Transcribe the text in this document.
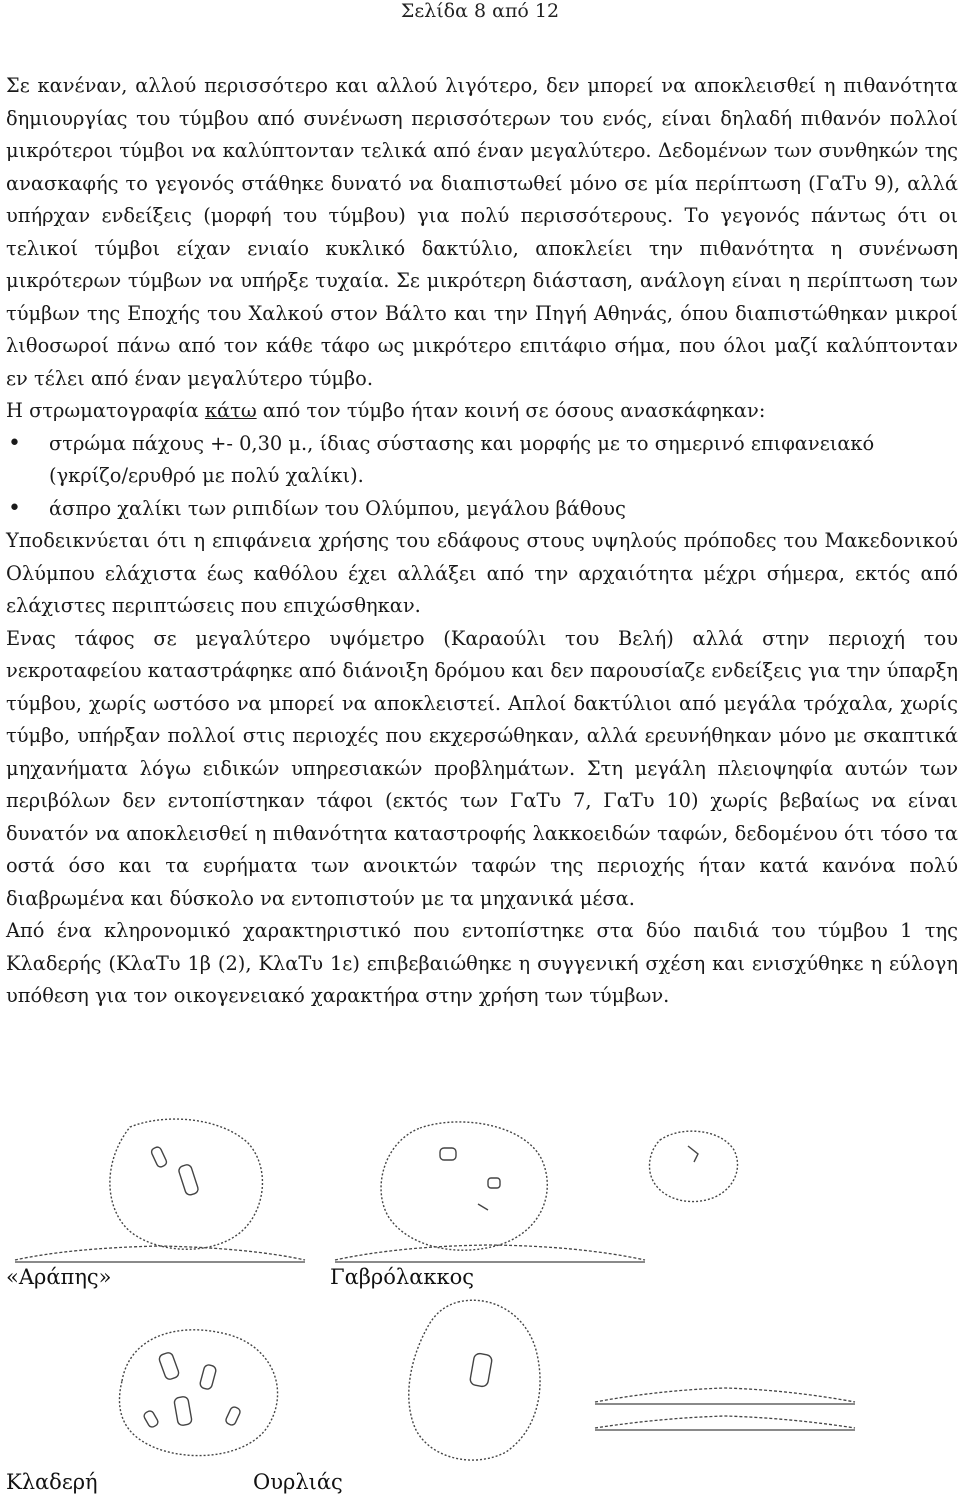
Σελίδα 8 από 12

Σε κανέναν, αλλού περισσότερο και αλλού λιγότερο, δεν μπορεί να αποκλεισθεί η πιθανότητα δημιουργίας του τύμβου από συνένωση περισσότερων του ενός, είναι δηλαδή πιθανόν πολλοί μικρότεροι τύμβοι να καλύπτονταν τελικά από έναν μεγαλύτερο. Δεδομένων των συνθηκών της ανασκαφής το γεγονός στάθηκε δυνατό να διαπιστωθεί μόνο σε μία περίπτωση (ΓαΤυ 9), αλλά υπήρχαν ενδείξεις (μορφή του τύμβου) για πολύ περισσότερους. Το γεγονός πάντως ότι οι τελικοί τύμβοι είχαν ενιαίο κυκλικό δακτύλιο, αποκλείει την πιθανότητα η συνένωση μικρότερων τύμβων να υπήρξε τυχαία. Σε μικρότερη διάσταση, ανάλογη είναι η περίπτωση των τύμβων της Εποχής του Χαλκού στον Βάλτο και την Πηγή Αθηνάς, όπου διαπιστώθηκαν μικροί λιθοσωροί πάνω από τον κάθε τάφο ως μικρότερο επιτάφιο σήμα, που όλοι μαζί καλύπτονταν εν τέλει από έναν μεγαλύτερο τύμβο.

Η στρωματογραφία κάτω από τον τύμβο ήταν κοινή σε όσους ανασκάφηκαν:

• στρώμα πάχους +- 0,30 μ., ίδιας σύστασης και μορφής με το σημερινό επιφανειακό (γκρίζο/ερυθρό με πολύ χαλίκι).
• άσπρο χαλίκι των ριπιδίων του Ολύμπου, μεγάλου βάθους

Υποδεικνύεται ότι η επιφάνεια χρήσης του εδάφους στους υψηλούς πρόποδες του Μακεδονικού Ολύμπου ελάχιστα έως καθόλου έχει αλλάξει από την αρχαιότητα μέχρι σήμερα, εκτός από ελάχιστες περιπτώσεις που επιχώσθηκαν.

Ενας τάφος σε μεγαλύτερο υψόμετρο (Καραούλι του Βελή) αλλά στην περιοχή του νεκροταφείου καταστράφηκε από διάνοιξη δρόμου και δεν παρουσίαζε ενδείξεις για την ύπαρξη τύμβου, χωρίς ωστόσο να μπορεί να αποκλειστεί. Απλοί δακτύλιοι από μεγάλα τρόχαλα, χωρίς τύμβο, υπήρξαν πολλοί στις περιοχές που εκχερσώθηκαν, αλλά ερευνήθηκαν μόνο με σκαπτικά μηχανήματα λόγω ειδικών υπηρεσιακών προβλημάτων. Στη μεγάλη πλειοψηφία αυτών των περιβόλων δεν εντοπίστηκαν τάφοι (εκτός των ΓαΤυ 7, ΓαΤυ 10) χωρίς βεβαίως να είναι δυνατόν να αποκλεισθεί η πιθανότητα καταστροφής λακκοειδών ταφών, δεδομένου ότι τόσο τα οστά όσο και τα ευρήματα των ανοικτών ταφών της περιοχής ήταν κατά κανόνα πολύ διαβρωμένα και δύσκολο να εντοπιστούν με τα μηχανικά μέσα.

Από ένα κληρονομικό χαρακτηριστικό που εντοπίστηκε στα δύο παιδιά του τύμβου 1 της Κλαδερής (ΚλαΤυ 1β (2), ΚλαΤυ 1ε) επιβεβαιώθηκε η συγγενική σχέση και ενισχύθηκε η εύλογη υπόθεση για τον οικογενειακό χαρακτήρα στην χρήση των τύμβων.

«Αράπης»	Γαβρόλακκος
Κλαδερή	Ουρλιάς
